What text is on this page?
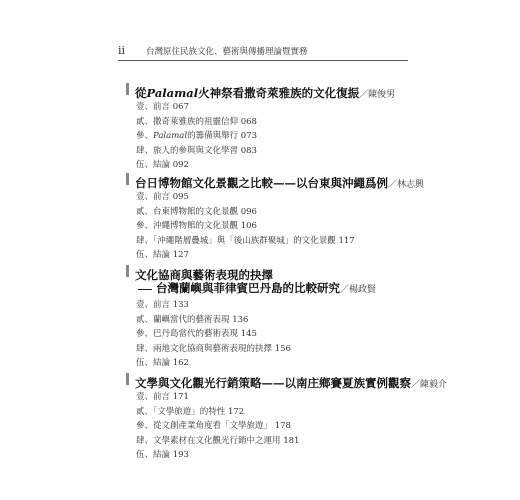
ii 台灣原住民族文化、藝術與傳播理論暨實務
從Palamal火神祭看撒奇萊雅族的文化復振／陳俊男
壹、前言 067
貳、撒奇萊雅族的祖靈信仰 068
參、Palamal的籌備與舉行 073
肆、旅人的參與與文化學習 083
伍、結論 092
台日博物館文化景觀之比較——以台東與沖繩爲例／林志興
壹、前言 095
貳、台東博物館的文化景觀 096
參、沖繩博物館的文化景觀 106
肆、「沖繩階層疊城」與「後山族群聚城」的文化景觀 117
伍、結論 127
文化協商與藝術表現的抉擇
台灣蘭嶼與菲律賓巴丹島的比較研究／楊政賢
壹、前言 133
貳、蘭嶼當代的藝術表現 136
參、巴丹島當代的藝術表現 145
肆、兩地文化協商與藝術表現的抉擇 156
伍、結論 162
文學與文化觀光行銷策略——以南庄鄉賽夏族實例觀察／陳毅介
壹、前言 171
貳、「文學旅遊」的特性 172
參、從文創產業角度看「文學旅遊」 178
肆、文學素材在文化觀光行銷中之運用 181
伍、結論 193
